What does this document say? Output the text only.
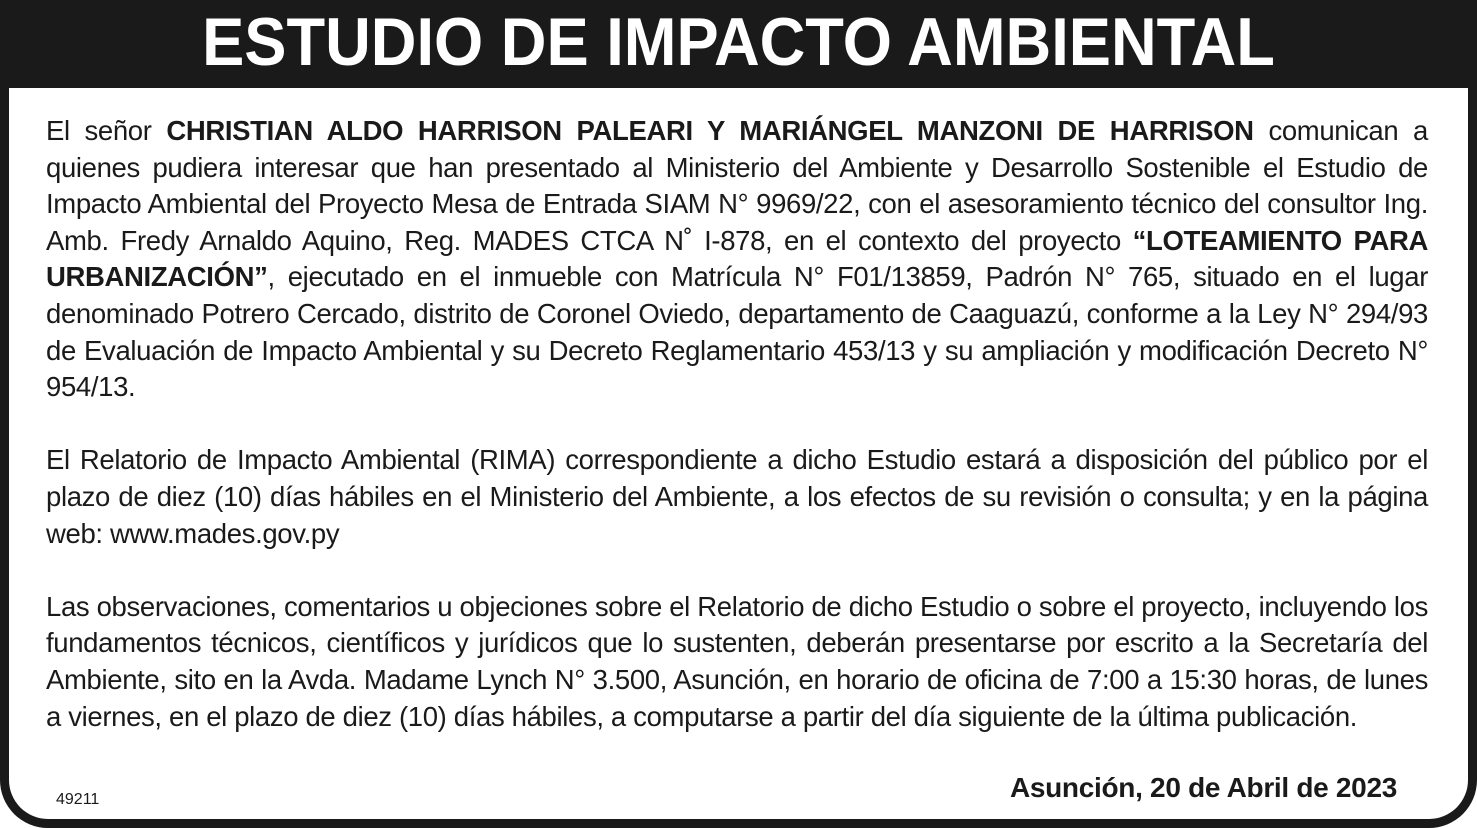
ESTUDIO DE IMPACTO AMBIENTAL

El señor CHRISTIAN ALDO HARRISON PALEARI Y MARIÁNGEL MANZONI DE HARRISON comunican a quienes pudiera interesar que han presentado al Ministerio del Ambiente y Desarrollo Sostenible el Estudio de Impacto Ambiental del Proyecto Mesa de Entrada SIAM N° 9969/22, con el asesoramiento técnico del consultor Ing. Amb. Fredy Arnaldo Aquino, Reg. MADES CTCA N˚ I-878, en el contexto del proyecto “LOTEAMIENTO PARA URBANIZACIÓN”, ejecutado en el inmueble con Matrícula N° F01/13859, Padrón N° 765, situado en el lugar denominado Potrero Cercado, distrito de Coronel Oviedo, departamento de Caaguazú, conforme a la Ley N° 294/93 de Evaluación de Impacto Ambiental y su Decreto Reglamentario 453/13 y su ampliación y modificación Decreto N° 954/13.

El Relatorio de Impacto Ambiental (RIMA) correspondiente a dicho Estudio estará a disposición del público por el plazo de diez (10) días hábiles en el Ministerio del Ambiente, a los efectos de su revisión o consulta; y en la página web: www.mades.gov.py

Las observaciones, comentarios u objeciones sobre el Relatorio de dicho Estudio o sobre el proyecto, incluyendo los fundamentos técnicos, científicos y jurídicos que lo sustenten, deberán presentarse por escrito a la Secretaría del Ambiente, sito en la Avda. Madame Lynch N° 3.500, Asunción, en horario de oficina de 7:00 a 15:30 horas, de lunes a viernes, en el plazo de diez (10) días hábiles, a computarse a partir del día siguiente de la última publicación.

49211	Asunción, 20 de Abril de 2023
